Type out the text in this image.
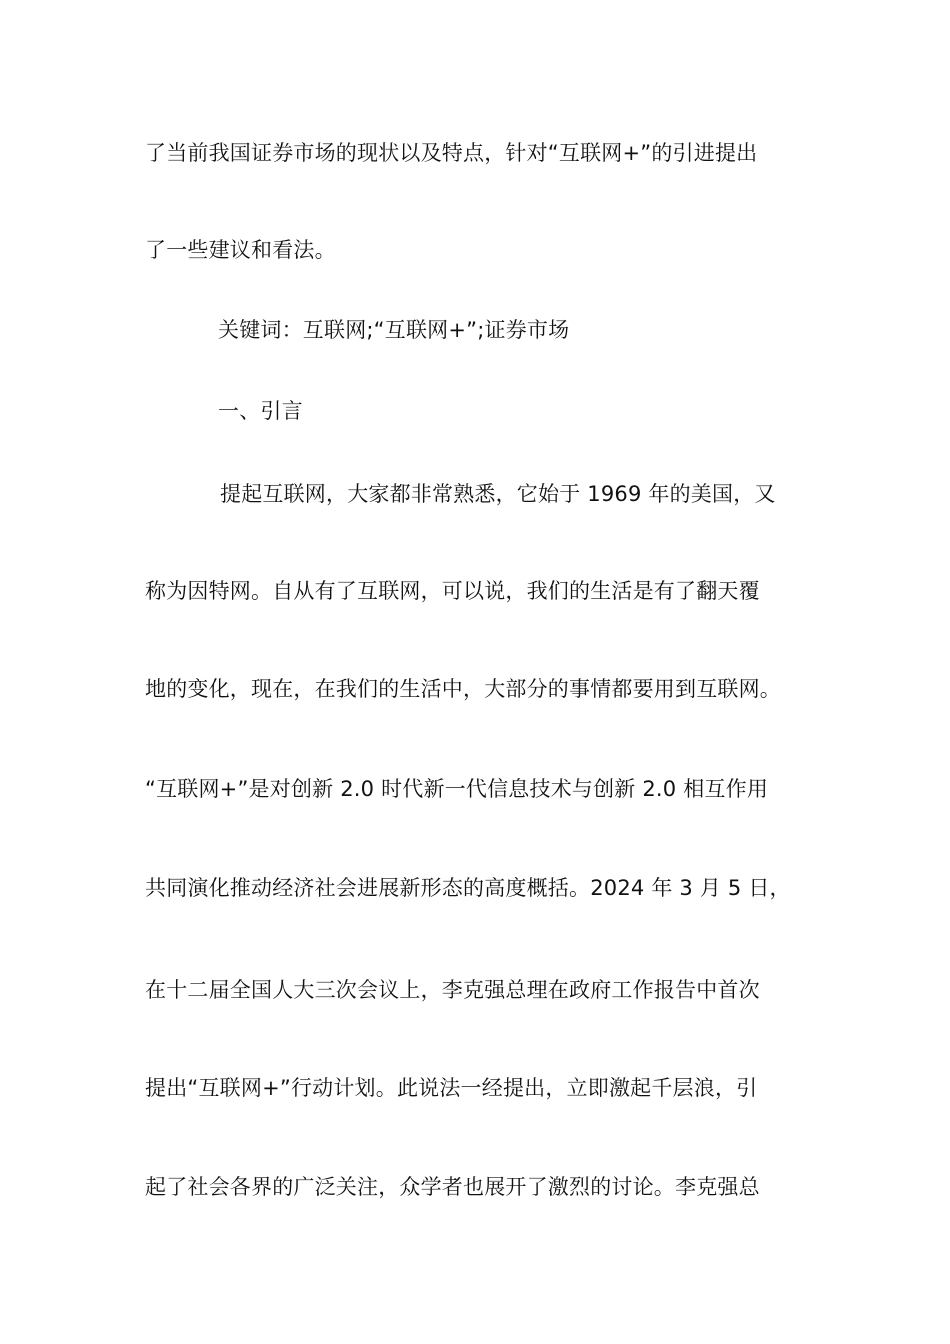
了当前我国证券市场的现状以及特点，针对“互联网+”的引进提出
了一些建议和看法。
关键词：互联网;“互联网+”;证券市场
一、引言
提起互联网，大家都非常熟悉，它始于 1969 年的美国，又
称为因特网。自从有了互联网，可以说，我们的生活是有了翻天覆
地的变化，现在，在我们的生活中，大部分的事情都要用到互联网。
“互联网+”是对创新 2.0 时代新一代信息技术与创新 2.0 相互作用
共同演化推动经济社会进展新形态的高度概括。2024 年 3 月 5 日，
在十二届全国人大三次会议上，李克强总理在政府工作报告中首次
提出“互联网+”行动计划。此说法一经提出，立即激起千层浪，引
起了社会各界的广泛关注，众学者也展开了激烈的讨论。李克强总
